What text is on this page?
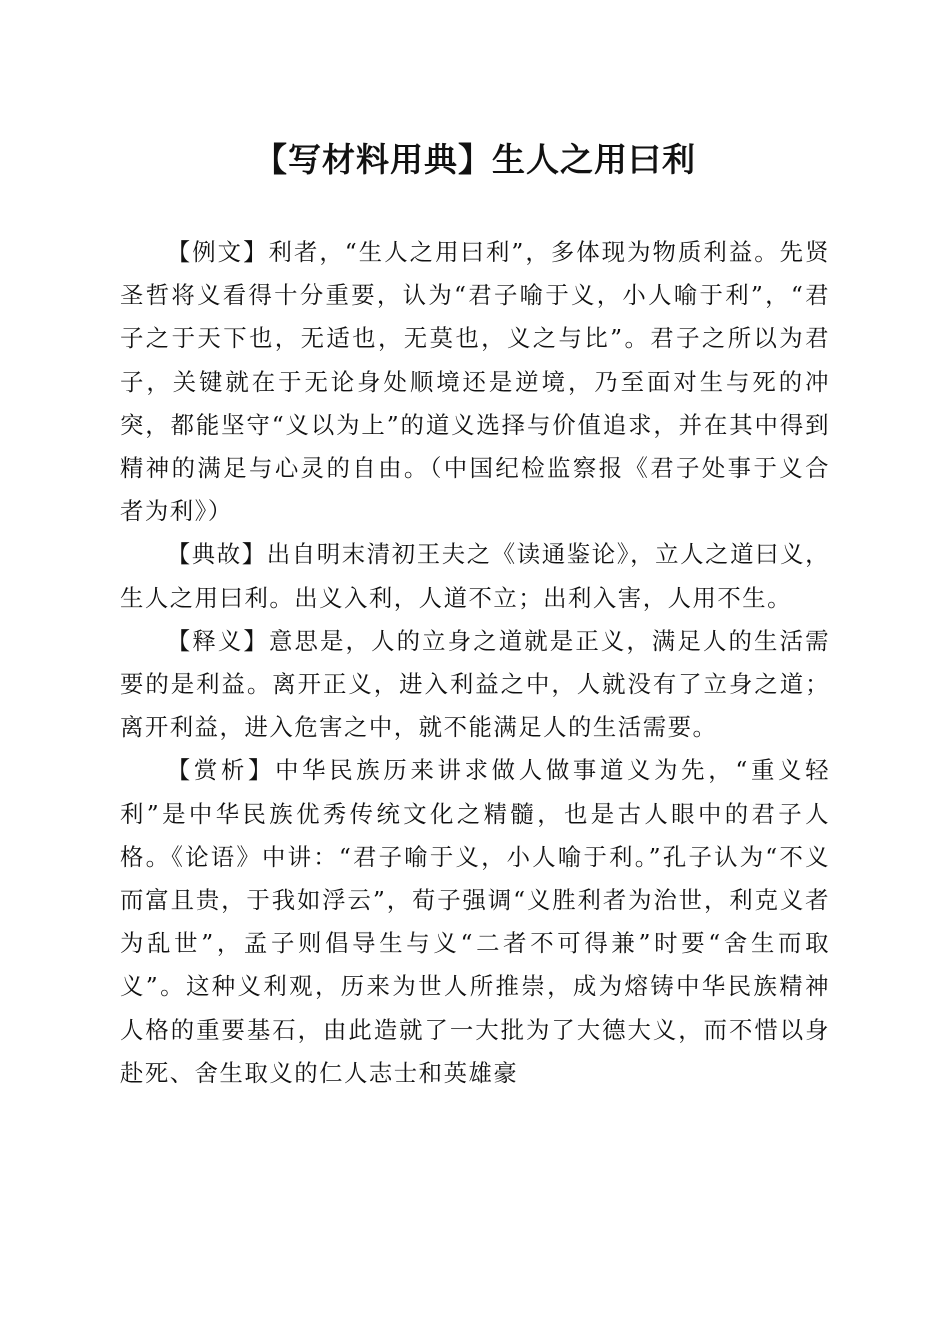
【写材料用典】生人之用曰利

【例文】利者，“生人之用曰利”，多体现为物质利益。先贤圣哲将义看得十分重要，认为“君子喻于义，小人喻于利”，“君子之于天下也，无适也，无莫也，义之与比”。君子之所以为君子，关键就在于无论身处顺境还是逆境，乃至面对生与死的冲突，都能坚守“义以为上”的道义选择与价值追求，并在其中得到精神的满足与心灵的自由。（中国纪检监察报《君子处事于义合者为利》）

【典故】出自明末清初王夫之《读通鉴论》，立人之道曰义，生人之用曰利。出义入利，人道不立；出利入害，人用不生。

【释义】意思是，人的立身之道就是正义，满足人的生活需要的是利益。离开正义，进入利益之中，人就没有了立身之道；离开利益，进入危害之中，就不能满足人的生活需要。

【赏析】中华民族历来讲求做人做事道义为先，“重义轻利”是中华民族优秀传统文化之精髓，也是古人眼中的君子人格。《论语》中讲：“君子喻于义，小人喻于利。”孔子认为“不义而富且贵，于我如浮云”，荀子强调“义胜利者为治世，利克义者为乱世”，孟子则倡导生与义“二者不可得兼”时要“舍生而取义”。这种义利观，历来为世人所推崇，成为熔铸中华民族精神人格的重要基石，由此造就了一大批为了大德大义，而不惜以身赴死、舍生取义的仁人志士和英雄豪
